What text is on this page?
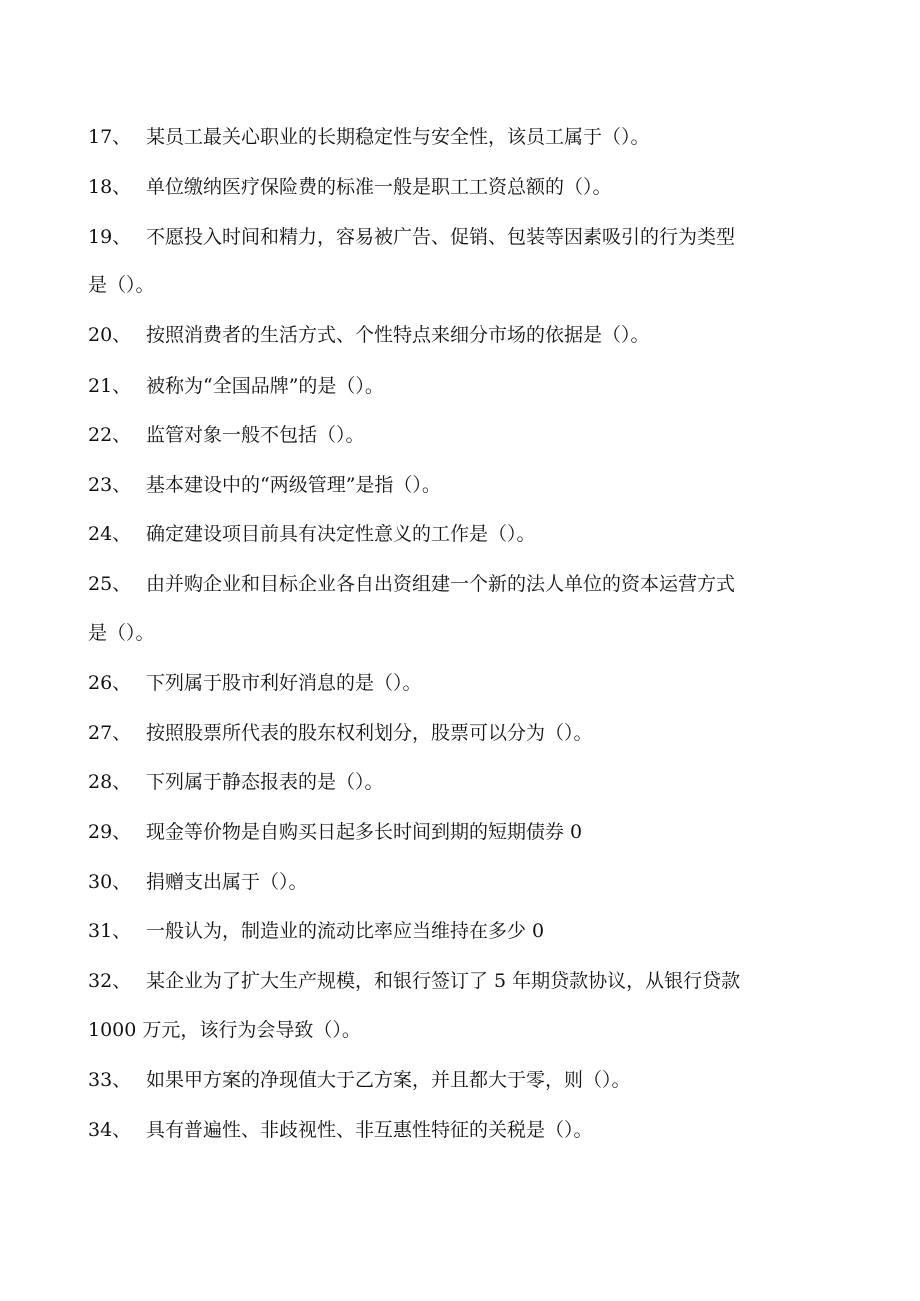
17、 某员工最关心职业的长期稳定性与安全性，该员工属于（）。
18、 单位缴纳医疗保险费的标准一般是职工工资总额的（）。
19、 不愿投入时间和精力，容易被广告、促销、包装等因素吸引的行为类型
是（）。
20、 按照消费者的生活方式、个性特点来细分市场的依据是（）。
21、 被称为“全国品牌”的是（）。
22、 监管对象一般不包括（）。
23、 基本建设中的“两级管理”是指（）。
24、 确定建设项目前具有决定性意义的工作是（）。
25、 由并购企业和目标企业各自出资组建一个新的法人单位的资本运营方式
是（）。
26、 下列属于股市利好消息的是（）。
27、 按照股票所代表的股东权利划分，股票可以分为（）。
28、 下列属于静态报表的是（）。
29、 现金等价物是自购买日起多长时间到期的短期债券 0
30、 捐赠支出属于（）。
31、 一般认为，制造业的流动比率应当维持在多少 0
32、 某企业为了扩大生产规模，和银行签订了 5 年期贷款协议，从银行贷款
1000 万元，该行为会导致（）。
33、 如果甲方案的净现值大于乙方案，并且都大于零，则（）。
34、 具有普遍性、非歧视性、非互惠性特征的关税是（）。
